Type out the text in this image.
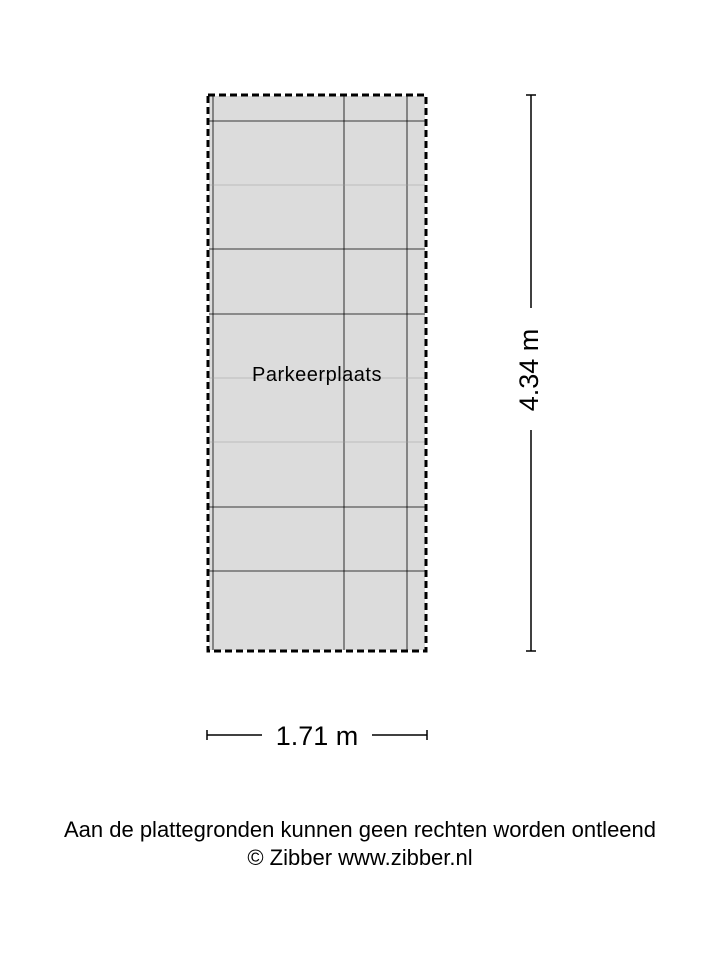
Parkeerplaats	4.34 m
1.71 m
Aan de plattegronden kunnen geen rechten worden ontleend
© Zibber www.zibber.nl
